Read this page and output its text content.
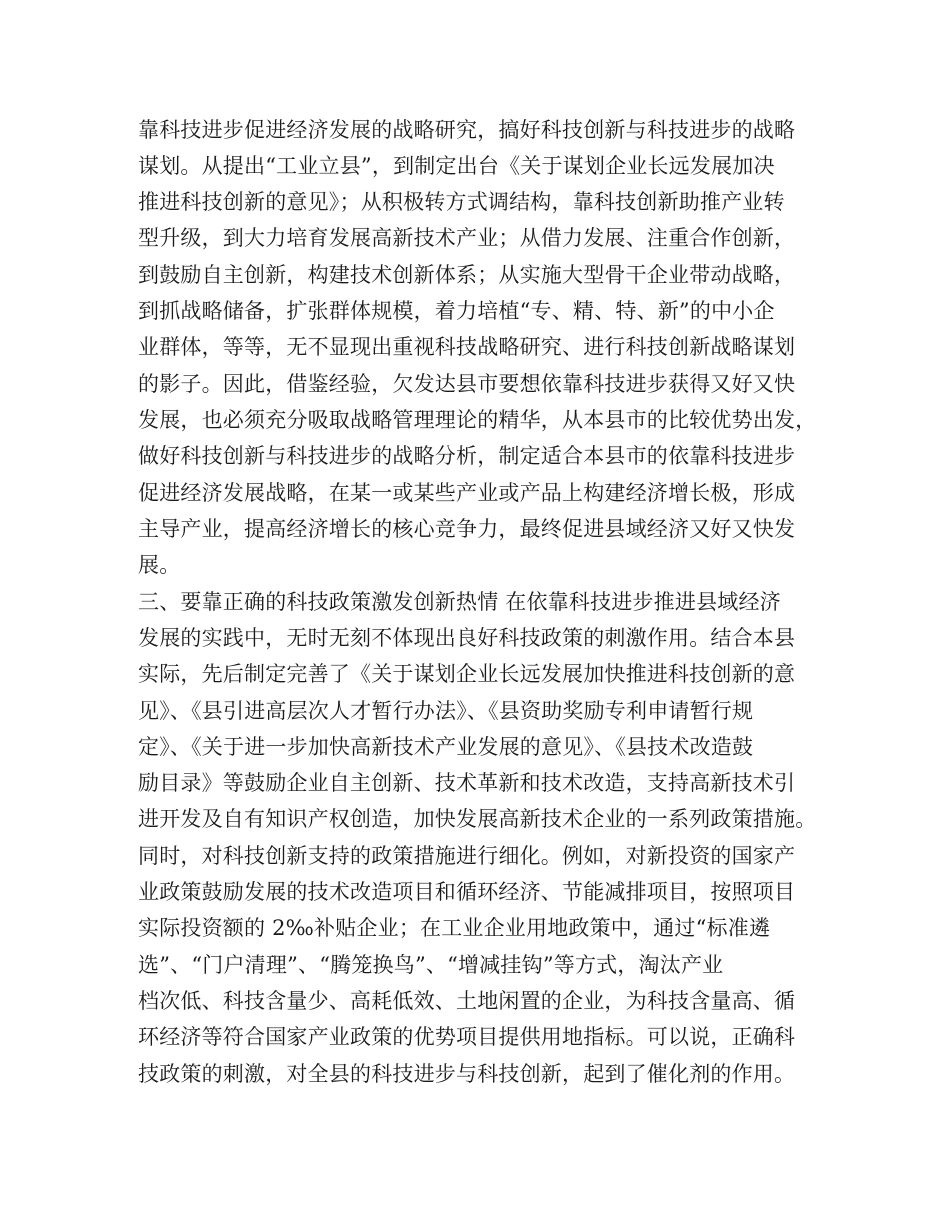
靠科技进步促进经济发展的战略研究，搞好科技创新与科技进步的战略
谋划。从提出“工业立县”，到制定出台《关于谋划企业长远发展加决
推进科技创新的意见》；从积极转方式调结构，靠科技创新助推产业转
型升级，到大力培育发展高新技术产业；从借力发展、注重合作创新，
到鼓励自主创新，构建技术创新体系；从实施大型骨干企业带动战略，
到抓战略储备，扩张群体规模，着力培植“专、精、特、新”的中小企
业群体，等等，无不显现出重视科技战略研究、进行科技创新战略谋划
的影子。因此，借鉴经验，欠发达县市要想依靠科技进步获得又好又快
发展，也必须充分吸取战略管理理论的精华，从本县市的比较优势出发，
做好科技创新与科技进步的战略分析，制定适合本县市的依靠科技进步
促进经济发展战略，在某一或某些产业或产品上构建经济增长极，形成
主导产业，提高经济增长的核心竞争力，最终促进县域经济又好又快发
展。
三、要靠正确的科技政策激发创新热情 在依靠科技进步推进县域经济
发展的实践中，无时无刻不体现出良好科技政策的刺激作用。结合本县
实际，先后制定完善了《关于谋划企业长远发展加快推进科技创新的意
见》、《县引进高层次人才暂行办法》、《县资助奖励专利申请暂行规
定》、《关于进一步加快高新技术产业发展的意见》、《县技术改造鼓
励目录》等鼓励企业自主创新、技术革新和技术改造，支持高新技术引
进开发及自有知识产权创造，加快发展高新技术企业的一系列政策措施。
同时，对科技创新支持的政策措施进行细化。例如，对新投资的国家产
业政策鼓励发展的技术改造项目和循环经济、节能减排项目，按照项目
实际投资额的 2‰补贴企业；在工业企业用地政策中，通过“标准遴
选”、“门户清理”、“腾笼换鸟”、“增减挂钩”等方式，淘汰产业
档次低、科技含量少、高耗低效、土地闲置的企业，为科技含量高、循
环经济等符合国家产业政策的优势项目提供用地指标。可以说，正确科
技政策的刺激，对全县的科技进步与科技创新，起到了催化剂的作用。
